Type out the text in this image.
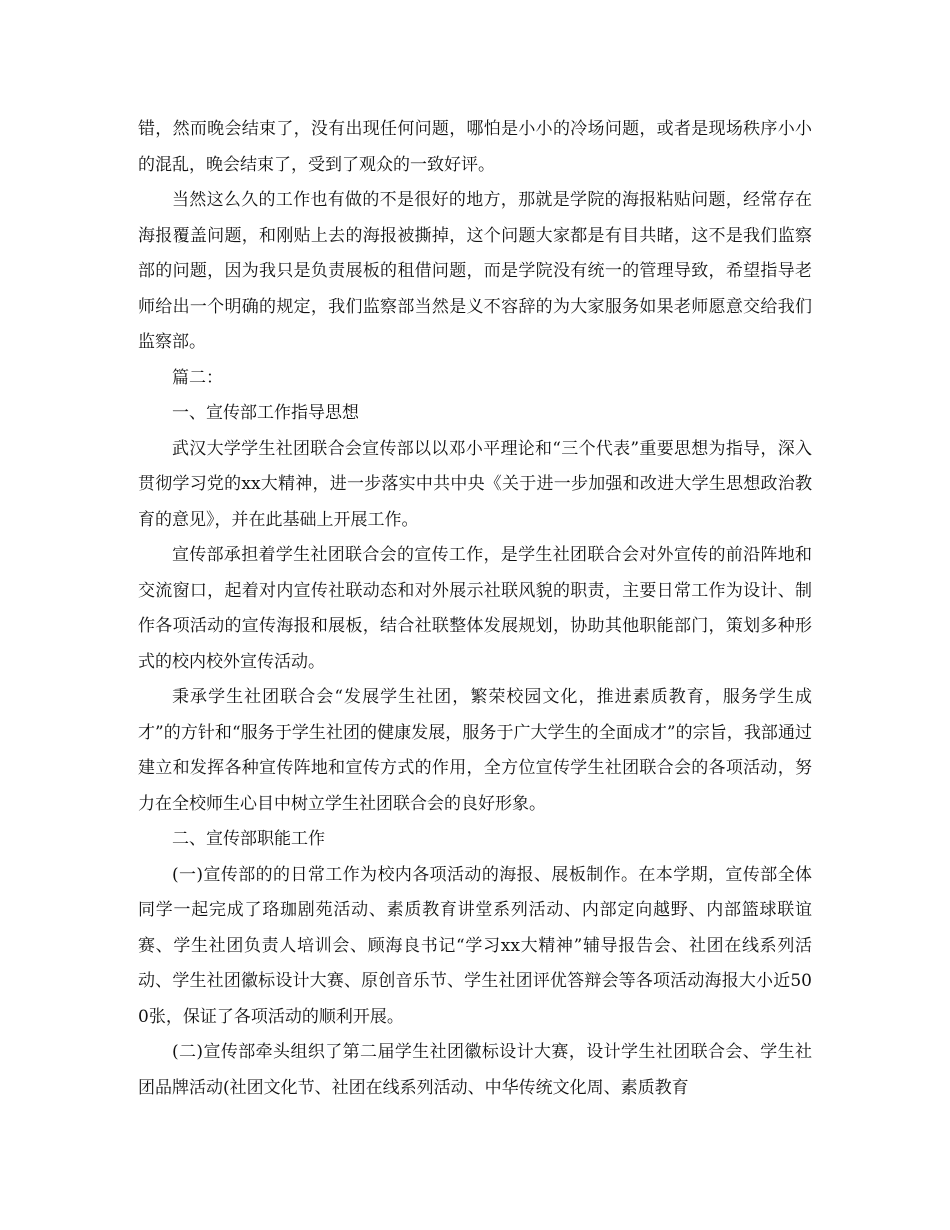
错，然而晚会结束了，没有出现任何问题，哪怕是小小的冷场问题，或者是现场秩序小小的混乱，晚会结束了，受到了观众的一致好评。

当然这么久的工作也有做的不是很好的地方，那就是学院的海报粘贴问题，经常存在海报覆盖问题，和刚贴上去的海报被撕掉，这个问题大家都是有目共睹，这不是我们监察部的问题，因为我只是负责展板的租借问题，而是学院没有统一的管理导致，希望指导老师给出一个明确的规定，我们监察部当然是义不容辞的为大家服务如果老师愿意交给我们监察部。

篇二：

一、宣传部工作指导思想

武汉大学学生社团联合会宣传部以以邓小平理论和“三个代表”重要思想为指导，深入贯彻学习党的xx大精神，进一步落实中共中央《关于进一步加强和改进大学生思想政治教育的意见》，并在此基础上开展工作。

宣传部承担着学生社团联合会的宣传工作，是学生社团联合会对外宣传的前沿阵地和交流窗口，起着对内宣传社联动态和对外展示社联风貌的职责，主要日常工作为设计、制作各项活动的宣传海报和展板，结合社联整体发展规划，协助其他职能部门，策划多种形式的校内校外宣传活动。

秉承学生社团联合会“发展学生社团，繁荣校园文化，推进素质教育，服务学生成才”的方针和“服务于学生社团的健康发展，服务于广大学生的全面成才”的宗旨，我部通过建立和发挥各种宣传阵地和宣传方式的作用，全方位宣传学生社团联合会的各项活动，努力在全校师生心目中树立学生社团联合会的良好形象。

二、宣传部职能工作

(一)宣传部的的日常工作为校内各项活动的海报、展板制作。在本学期，宣传部全体同学一起完成了珞珈剧苑活动、素质教育讲堂系列活动、内部定向越野、内部篮球联谊赛、学生社团负责人培训会、顾海良书记“学习xx大精神”辅导报告会、社团在线系列活动、学生社团徽标设计大赛、原创音乐节、学生社团评优答辩会等各项活动海报大小近500张，保证了各项活动的顺利开展。

(二)宣传部牵头组织了第二届学生社团徽标设计大赛，设计学生社团联合会、学生社团品牌活动(社团文化节、社团在线系列活动、中华传统文化周、素质教育
